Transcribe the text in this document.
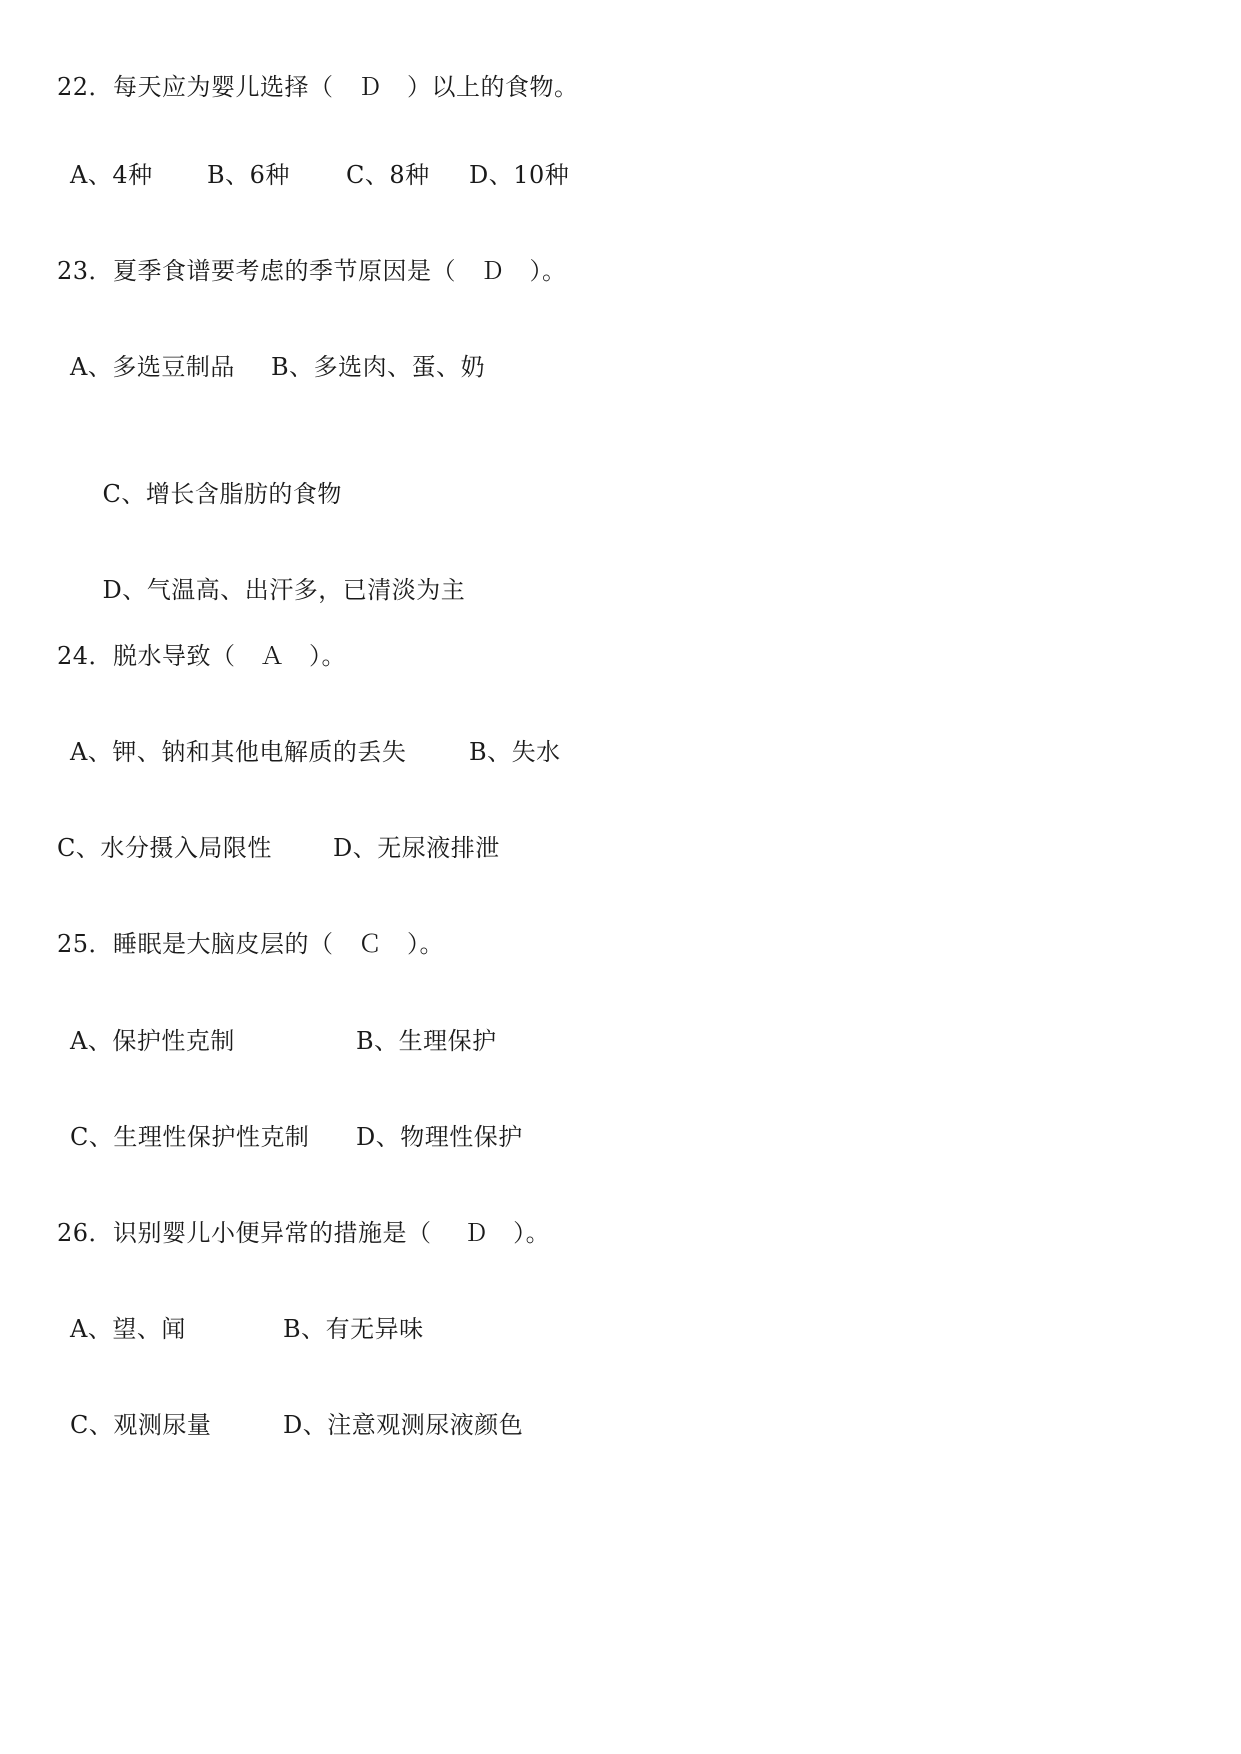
22．每天应为婴儿选择（　Ｄ　）以上的食物。

A、4种

B、6种

C、8种

D、10种

23．夏季食谱要考虑的季节原因是（　Ｄ　）。

A、多选豆制品

B、多选肉、蛋、奶

C、增长含脂肪的食物

D、气温高、出汗多，已清淡为主

24．脱水导致（　Ａ　）。

A、钾、钠和其他电解质的丢失

	B、失水

C、水分摄入局限性

	D、无尿液排泄

25．睡眠是大脑皮层的（　Ｃ　）。

A、保护性克制

	B、生理保护

C、生理性保护性克制

D、物理性保护

26．识别婴儿小便异常的措施是（　 Ｄ　）。

A、望、闻

	B、有无异味

C、观测尿量

	D、注意观测尿液颜色
